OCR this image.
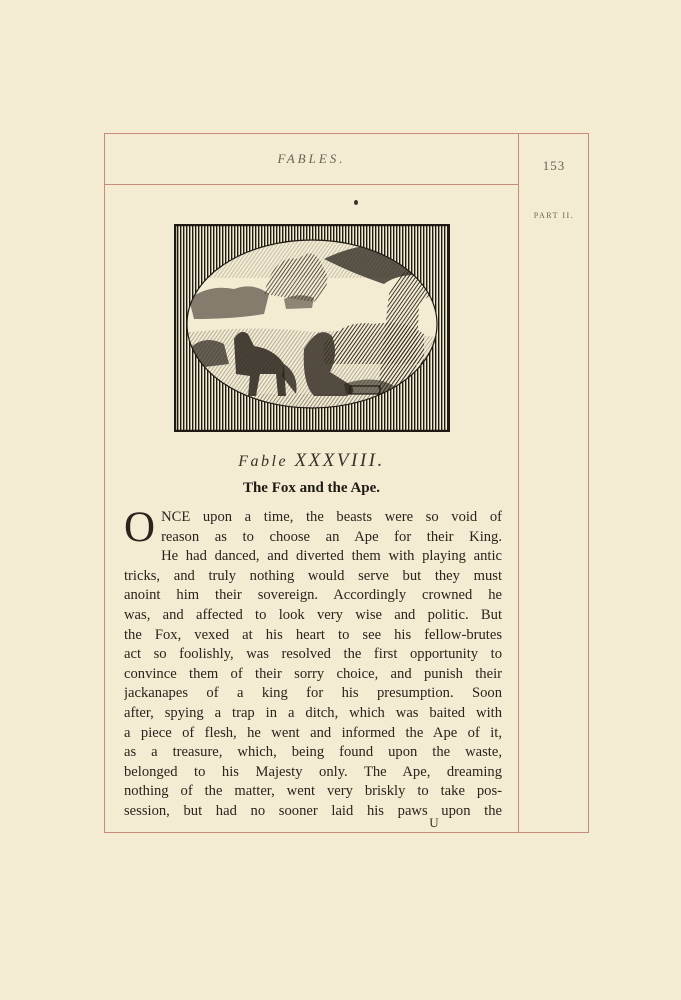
FABLES.	153
PART II.
Fable XXXVIII.
The Fox and the Ape.
O NCE upon a time, the beasts were so void of
reason as to choose an Ape for their King.
He had danced, and diverted them with playing antic
tricks, and truly nothing would serve but they must
anoint him their sovereign. Accordingly crowned he
was, and affected to look very wise and politic. But
the Fox, vexed at his heart to see his fellow-brutes
act so foolishly, was resolved the first opportunity to
convince them of their sorry choice, and punish their
jackanapes of a king for his presumption. Soon
after, spying a trap in a ditch, which was baited with
a piece of flesh, he went and informed the Ape of it,
as a treasure, which, being found upon the waste,
belonged to his Majesty only. The Ape, dreaming
nothing of the matter, went very briskly to take pos-
session, but had no sooner laid his paws upon the
U
